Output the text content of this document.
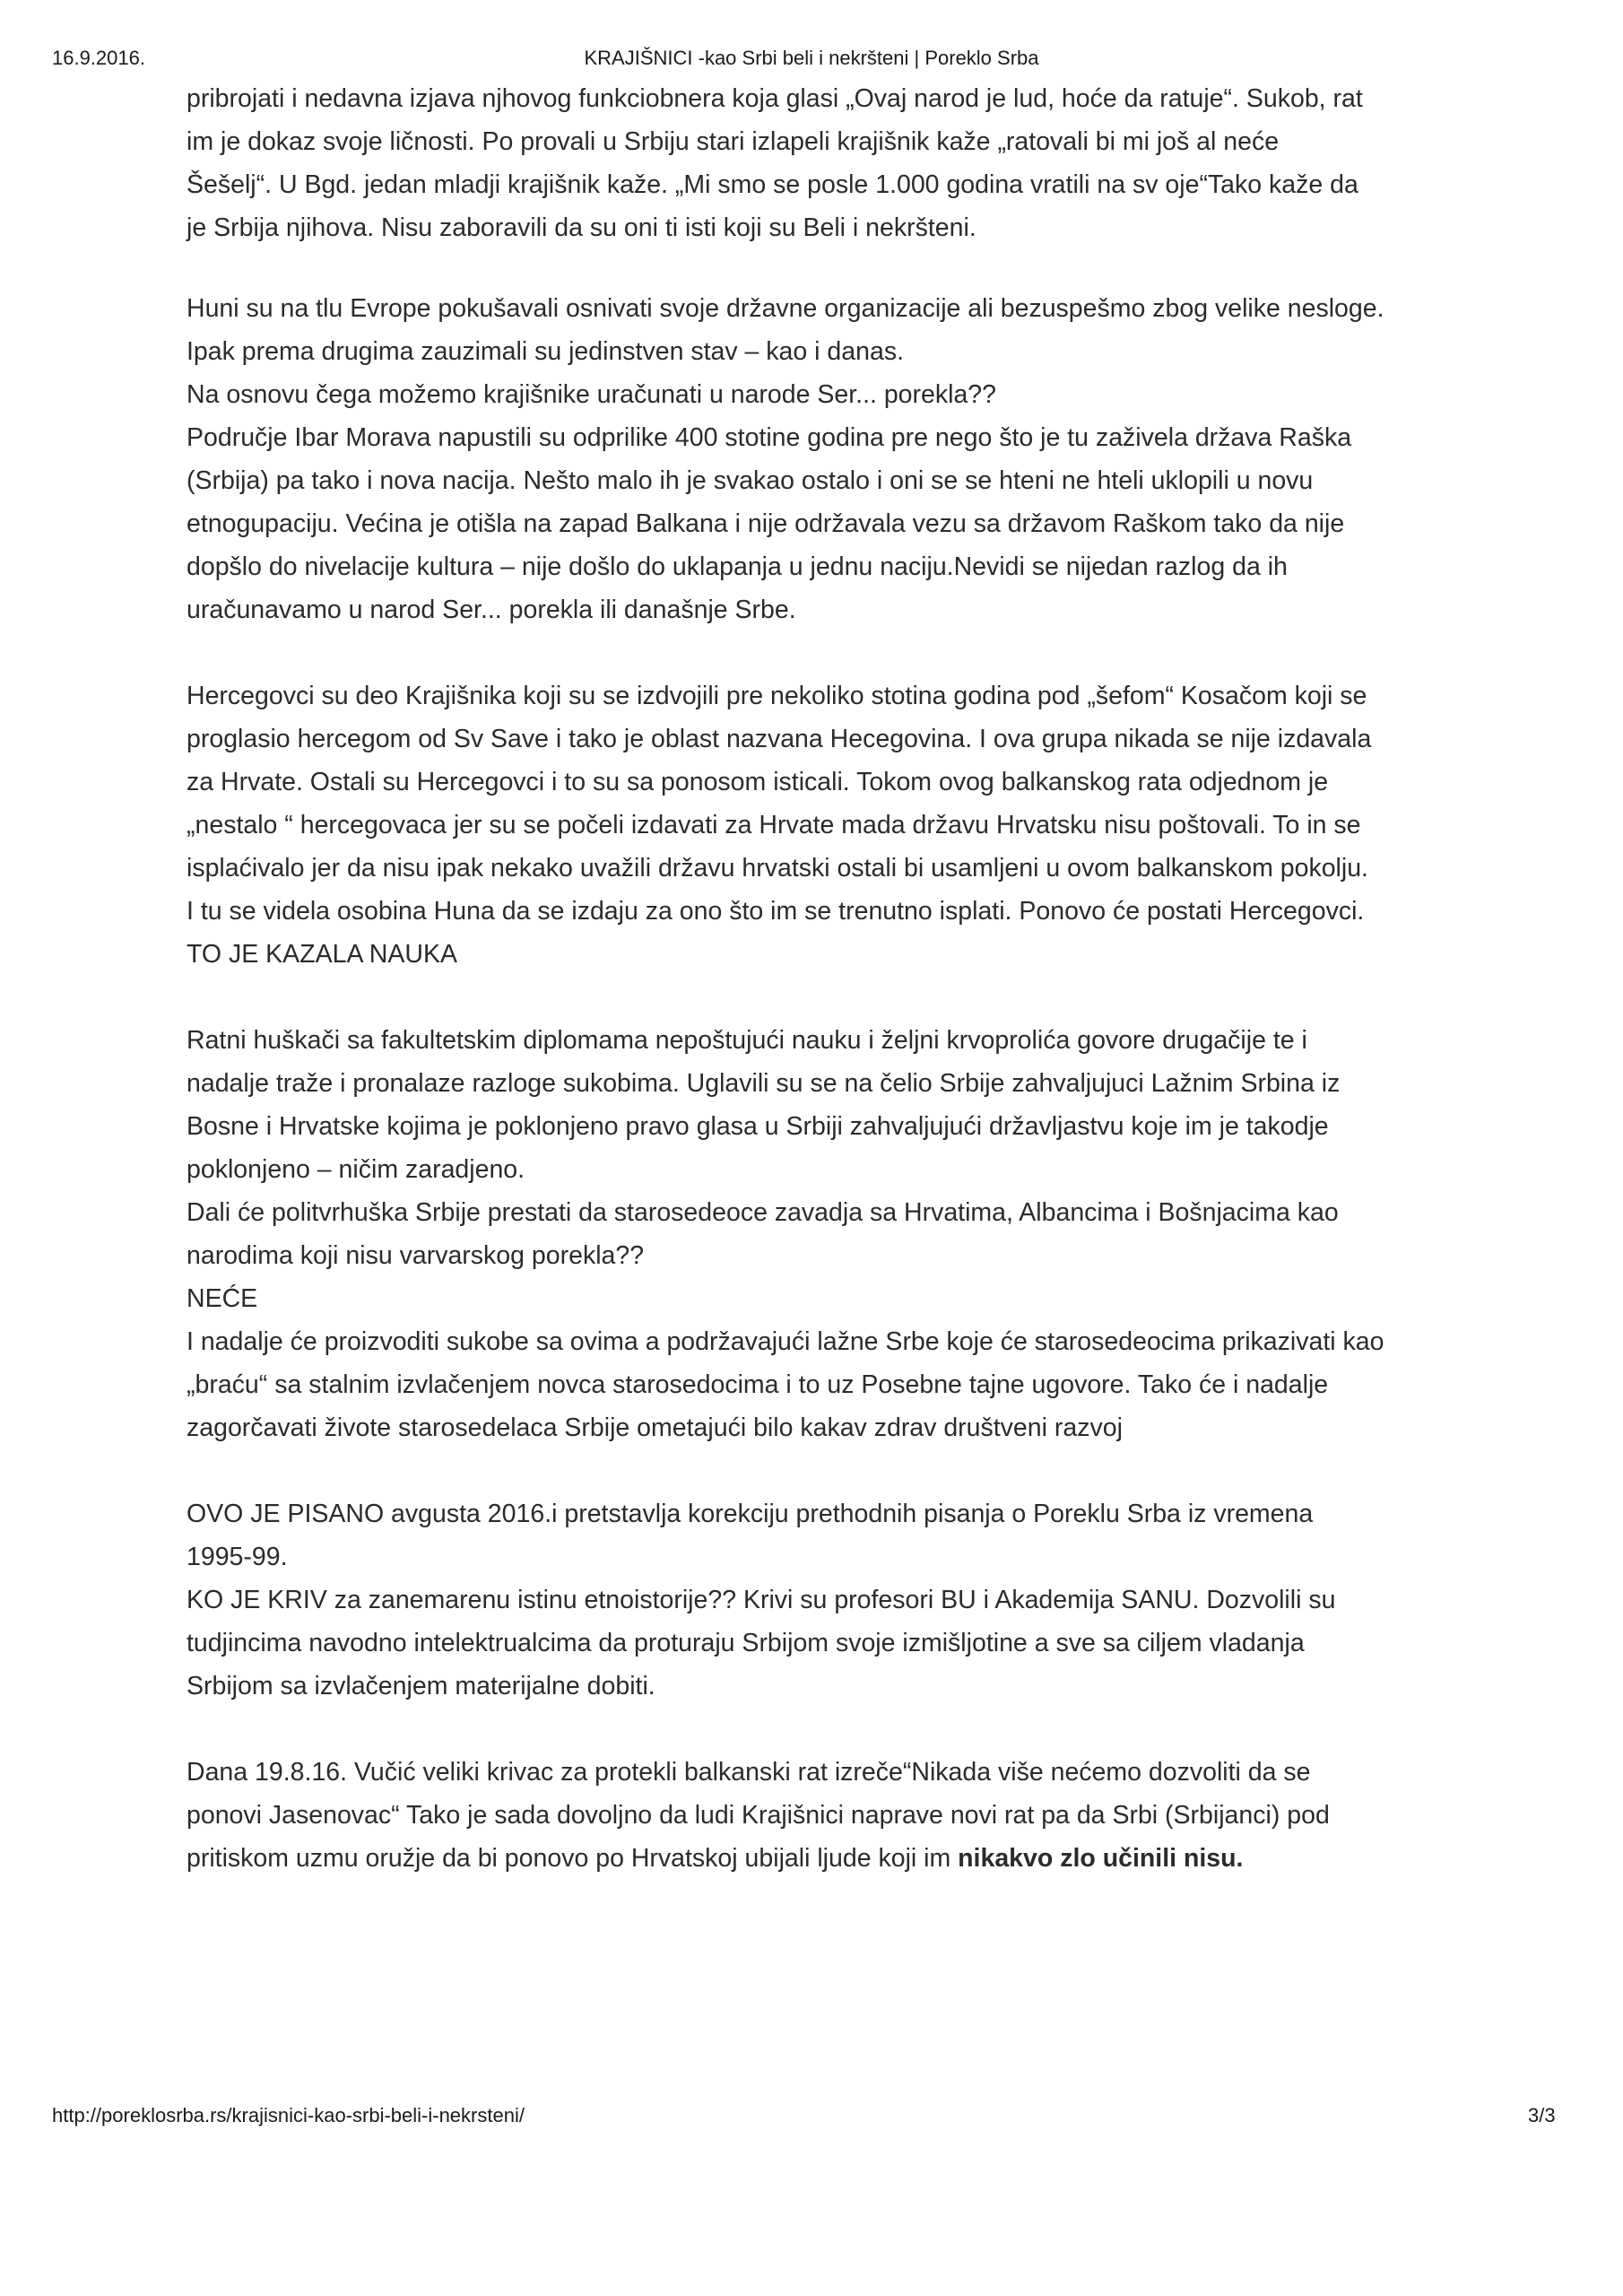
16.9.2016.	KRAJIŠNICI -kao Srbi beli i nekršteni | Poreklo Srba
pribrojati i nedavna izjava njhovog funkciobnera koja glasi „Ovaj narod je lud, hoće da ratuje“. Sukob, rat
im je dokaz svoje ličnosti. Po provali u Srbiju stari izlapeli krajišnik kaže „ratovali bi mi još al neće
Šešelj“. U Bgd. jedan mladji krajišnik kaže. „Mi smo se posle 1.000 godina vratili na sv oje“Tako kaže da
je Srbija njihova. Nisu zaboravili da su oni ti isti koji su Beli i nekršteni.
Huni su na tlu Evrope pokušavali osnivati svoje državne organizacije ali bezuspešmo zbog velike nesloge.
Ipak prema drugima zauzimali su jedinstven stav – kao i danas.
Na osnovu čega možemo krajišnike uračunati u narode Ser... porekla??
Područje Ibar Morava napustili su odprilike 400 stotine godina pre nego što je tu zaživela država Raška
(Srbija) pa tako i nova nacija. Nešto malo ih je svakao ostalo i oni se se hteni ne hteli uklopili u novu
etnogupaciju. Većina je otišla na zapad Balkana i nije održavala vezu sa državom Raškom tako da nije
dopšlo do nivelacije kultura – nije došlo do uklapanja u jednu naciju.Nevidi se nijedan razlog da ih
uračunavamo u narod Ser... porekla ili današnje Srbe.
Hercegovci su deo Krajišnika koji su se izdvojili pre nekoliko stotina godina pod „šefom“ Kosačom koji se
proglasio hercegom od Sv Save i tako je oblast nazvana Hecegovina. I ova grupa nikada se nije izdavala
za Hrvate. Ostali su Hercegovci i to su sa ponosom isticali. Tokom ovog balkanskog rata odjednom je
„nestalo “ hercegovaca jer su se počeli izdavati za Hrvate mada državu Hrvatsku nisu poštovali. To in se
isplaćivalo jer da nisu ipak nekako uvažili državu hrvatski ostali bi usamljeni u ovom balkanskom pokolju.
I tu se videla osobina Huna da se izdaju za ono što im se trenutno isplati. Ponovo će postati Hercegovci.
TO JE KAZALA NAUKA
Ratni huškači sa fakultetskim diplomama nepoštujući nauku i željni krvoprolića govore drugačije te i
nadalje traže i pronalaze razloge sukobima. Uglavili su se na čelio Srbije zahvaljujuci Lažnim Srbina iz
Bosne i Hrvatske kojima je poklonjeno pravo glasa u Srbiji zahvaljujući državljastvu koje im je takodje
poklonjeno – ničim zaradjeno.
Dali će politvrhuška Srbije prestati da starosedeoce zavadja sa Hrvatima, Albancima i Bošnjacima kao
narodima koji nisu varvarskog porekla??
NEĆE
I nadalje će proizvoditi sukobe sa ovima a podržavajući lažne Srbe koje će starosedeocima prikazivati kao
„braću“ sa stalnim izvlačenjem novca starosedocima i to uz Posebne tajne ugovore. Tako će i nadalje
zagorčavati živote starosedelaca Srbije ometajući bilo kakav zdrav društveni razvoj
OVO JE PISANO avgusta 2016.i pretstavlja korekciju prethodnih pisanja o Poreklu Srba iz vremena
1995-99.
KO JE KRIV za zanemarenu istinu etnoistorije?? Krivi su profesori BU i Akademija SANU. Dozvolili su
tudjincima navodno intelektrualcima da proturaju Srbijom svoje izmišljotine a sve sa ciljem vladanja
Srbijom sa izvlačenjem materijalne dobiti.
Dana 19.8.16. Vučić veliki krivac za protekli balkanski rat izreče“Nikada više nećemo dozvoliti da se
ponovi Jasenovac“ Tako je sada dovoljno da ludi Krajišnici naprave novi rat pa da Srbi (Srbijanci) pod
pritiskom uzmu oružje da bi ponovo po Hrvatskoj ubijali ljude koji im nikakvo zlo učinili nisu.
http://poreklosrba.rs/krajisnici-kao-srbi-beli-i-nekrsteni/	3/3
